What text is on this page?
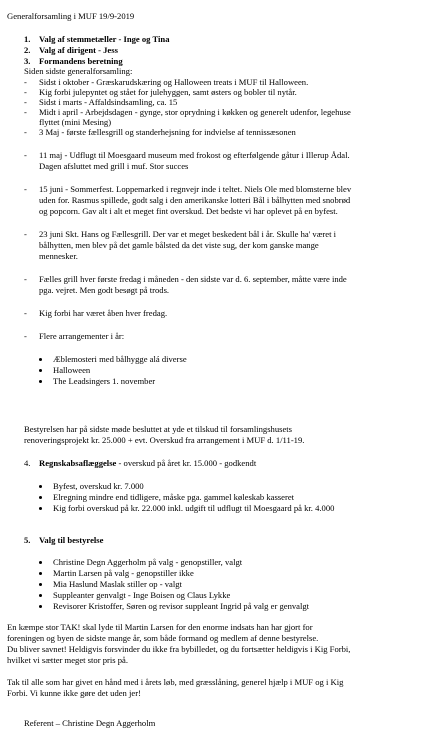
Generalforsamling i MUF 19/9-2019
1. Valg af stemmetæller - Inge og Tina
2. Valg af dirigent - Jess
3. Formandens beretning
Siden sidste generalforsamling:
- Sidst i oktober - Græskarudskæring og Halloween treats i MUF til Halloween.
- Kig forbi julepyntet og stået for julehyggen, samt østers og bobler til nytår.
- Sidst i marts - Affaldsindsamling, ca. 15
- Midt i april - Arbejdsdagen - gynge, stor oprydning i køkken og generelt udenfor, legehuse
flyttet (mini Mesing)
- 3 Maj - første fællesgrill og standerhejsning for indvielse af tennissæsonen
- 11 maj - Udflugt til Moesgaard museum med frokost og efterfølgende gåtur i Illerup Ådal.
Dagen afsluttet med grill i muf. Stor succes
- 15 juni - Sommerfest. Loppemarked i regnvejr inde i teltet. Niels Ole med blomsterne blev
uden for. Rasmus spillede, godt salg i den amerikanske lotteri Bål i bålhytten med snobrød
og popcorn. Gav alt i alt et meget fint overskud. Det bedste vi har oplevet på en byfest.
- 23 juni Skt. Hans og Fællesgrill. Der var et meget beskedent bål i år. Skulle ha' været i
bålhytten, men blev på det gamle bålsted da det viste sug, der kom ganske mange
mennesker.
- Fælles grill hver første fredag i måneden - den sidste var d. 6. september, måtte være inde
pga. vejret. Men godt besøgt på trods.
- Kig forbi har været åben hver fredag.
- Flere arrangementer i år:
Æblemosteri med bålhygge alá diverse
Halloween
The Leadsingers 1. november
Bestyrelsen har på sidste møde besluttet at yde et tilskud til forsamlingshusets
renoveringsprojekt kr. 25.000 + evt. Overskud fra arrangement i MUF d. 1/11-19.
4. Regnskabsaflæggelse - overskud på året kr. 15.000 - godkendt
Byfest, overskud kr. 7.000
Elregning mindre end tidligere, måske pga. gammel køleskab kasseret
Kig forbi overskud på kr. 22.000 inkl. udgift til udflugt til Moesgaard på kr. 4.000
5. Valg til bestyrelse
Christine Degn Aggerholm på valg - genopstiller, valgt
Martin Larsen på valg - genopstiller ikke
Mia Haslund Maslak stiller op - valgt
Suppleanter genvalgt - Inge Boisen og Claus Lykke
Revisorer Kristoffer, Søren og revisor suppleant Ingrid på valg er genvalgt
En kæmpe stor TAK! skal lyde til Martin Larsen for den enorme indsats han har gjort for
foreningen og byen de sidste mange år, som både formand og medlem af denne bestyrelse.
Du bliver savnet! Heldigvis forsvinder du ikke fra bybilledet, og du fortsætter heldigvis i Kig Forbi,
hvilket vi sætter meget stor pris på.
Tak til alle som har givet en hånd med i årets løb, med græsslåning, generel hjælp i MUF og i Kig
Forbi. Vi kunne ikke gøre det uden jer!
Referent – Christine Degn Aggerholm
